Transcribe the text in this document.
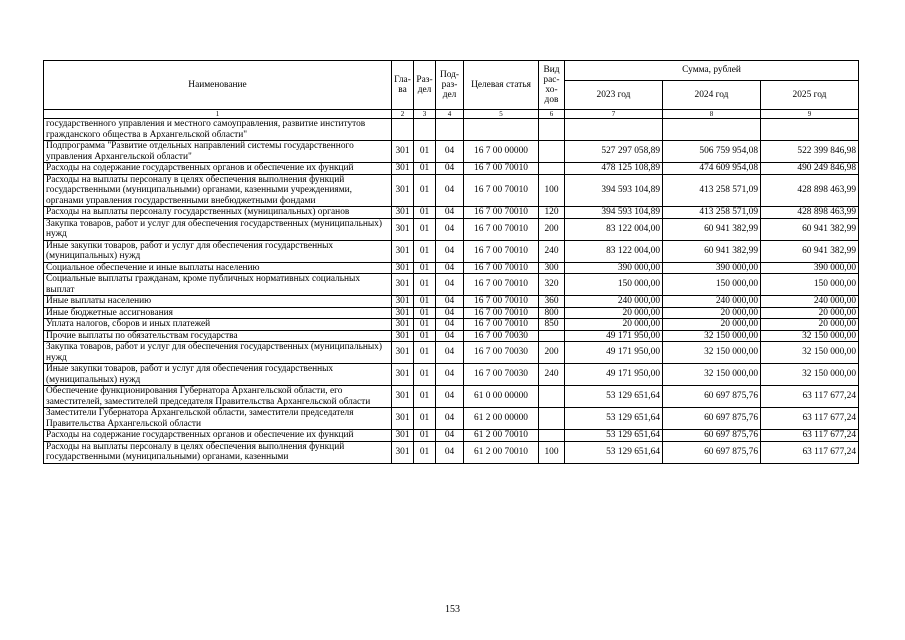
Наименование	Гла-ва	Раз-дел	Под-раз-дел	Целевая статья	Вид рас-хо-дов	Сумма, рублей		
						2023 год	2024 год	2025 год
1	2	3	4	5	6	7	8	9
государственного управления и местного самоуправления, развитие институтов гражданского общества в Архангельской области"								
Подпрограмма "Развитие отдельных направлений системы государственного управления Архангельской области"	301	01	04	16 7 00 00000		527 297 058,89	506 759 954,08	522 399 846,98
Расходы на содержание государственных органов и обеспечение их функций	301	01	04	16 7 00 70010		478 125 108,89	474 609 954,08	490 249 846,98
Расходы на выплаты персоналу в целях обеспечения выполнения функций государственными (муниципальными) органами, казенными учреждениями, органами управления государственными внебюджетными фондами	301	01	04	16 7 00 70010	100	394 593 104,89	413 258 571,09	428 898 463,99
Расходы на выплаты персоналу государственных (муниципальных) органов	301	01	04	16 7 00 70010	120	394 593 104,89	413 258 571,09	428 898 463,99
Закупка товаров, работ и услуг для обеспечения государственных (муниципальных) нужд	301	01	04	16 7 00 70010	200	83 122 004,00	60 941 382,99	60 941 382,99
Иные закупки товаров, работ и услуг для обеспечения государственных (муниципальных) нужд	301	01	04	16 7 00 70010	240	83 122 004,00	60 941 382,99	60 941 382,99
Социальное обеспечение и иные выплаты населению	301	01	04	16 7 00 70010	300	390 000,00	390 000,00	390 000,00
Социальные выплаты гражданам, кроме публичных нормативных социальных выплат	301	01	04	16 7 00 70010	320	150 000,00	150 000,00	150 000,00
Иные выплаты населению	301	01	04	16 7 00 70010	360	240 000,00	240 000,00	240 000,00
Иные бюджетные ассигнования	301	01	04	16 7 00 70010	800	20 000,00	20 000,00	20 000,00
Уплата налогов, сборов и иных платежей	301	01	04	16 7 00 70010	850	20 000,00	20 000,00	20 000,00
Прочие выплаты по обязательствам государства	301	01	04	16 7 00 70030		49 171 950,00	32 150 000,00	32 150 000,00
Закупка товаров, работ и услуг для обеспечения государственных (муниципальных) нужд	301	01	04	16 7 00 70030	200	49 171 950,00	32 150 000,00	32 150 000,00
Иные закупки товаров, работ и услуг для обеспечения государственных (муниципальных) нужд	301	01	04	16 7 00 70030	240	49 171 950,00	32 150 000,00	32 150 000,00
Обеспечение функционирования Губернатора Архангельской области, его заместителей, заместителей председателя Правительства Архангельской области	301	01	04	61 0 00 00000		53 129 651,64	60 697 875,76	63 117 677,24
Заместители Губернатора Архангельской области, заместители председателя Правительства Архангельской области	301	01	04	61 2 00 00000		53 129 651,64	60 697 875,76	63 117 677,24
Расходы на содержание государственных органов и обеспечение их функций	301	01	04	61 2 00 70010		53 129 651,64	60 697 875,76	63 117 677,24
Расходы на выплаты персоналу в целях обеспечения выполнения функций государственными (муниципальными) органами, казенными	301	01	04	61 2 00 70010	100	53 129 651,64	60 697 875,76	63 117 677,24
153
